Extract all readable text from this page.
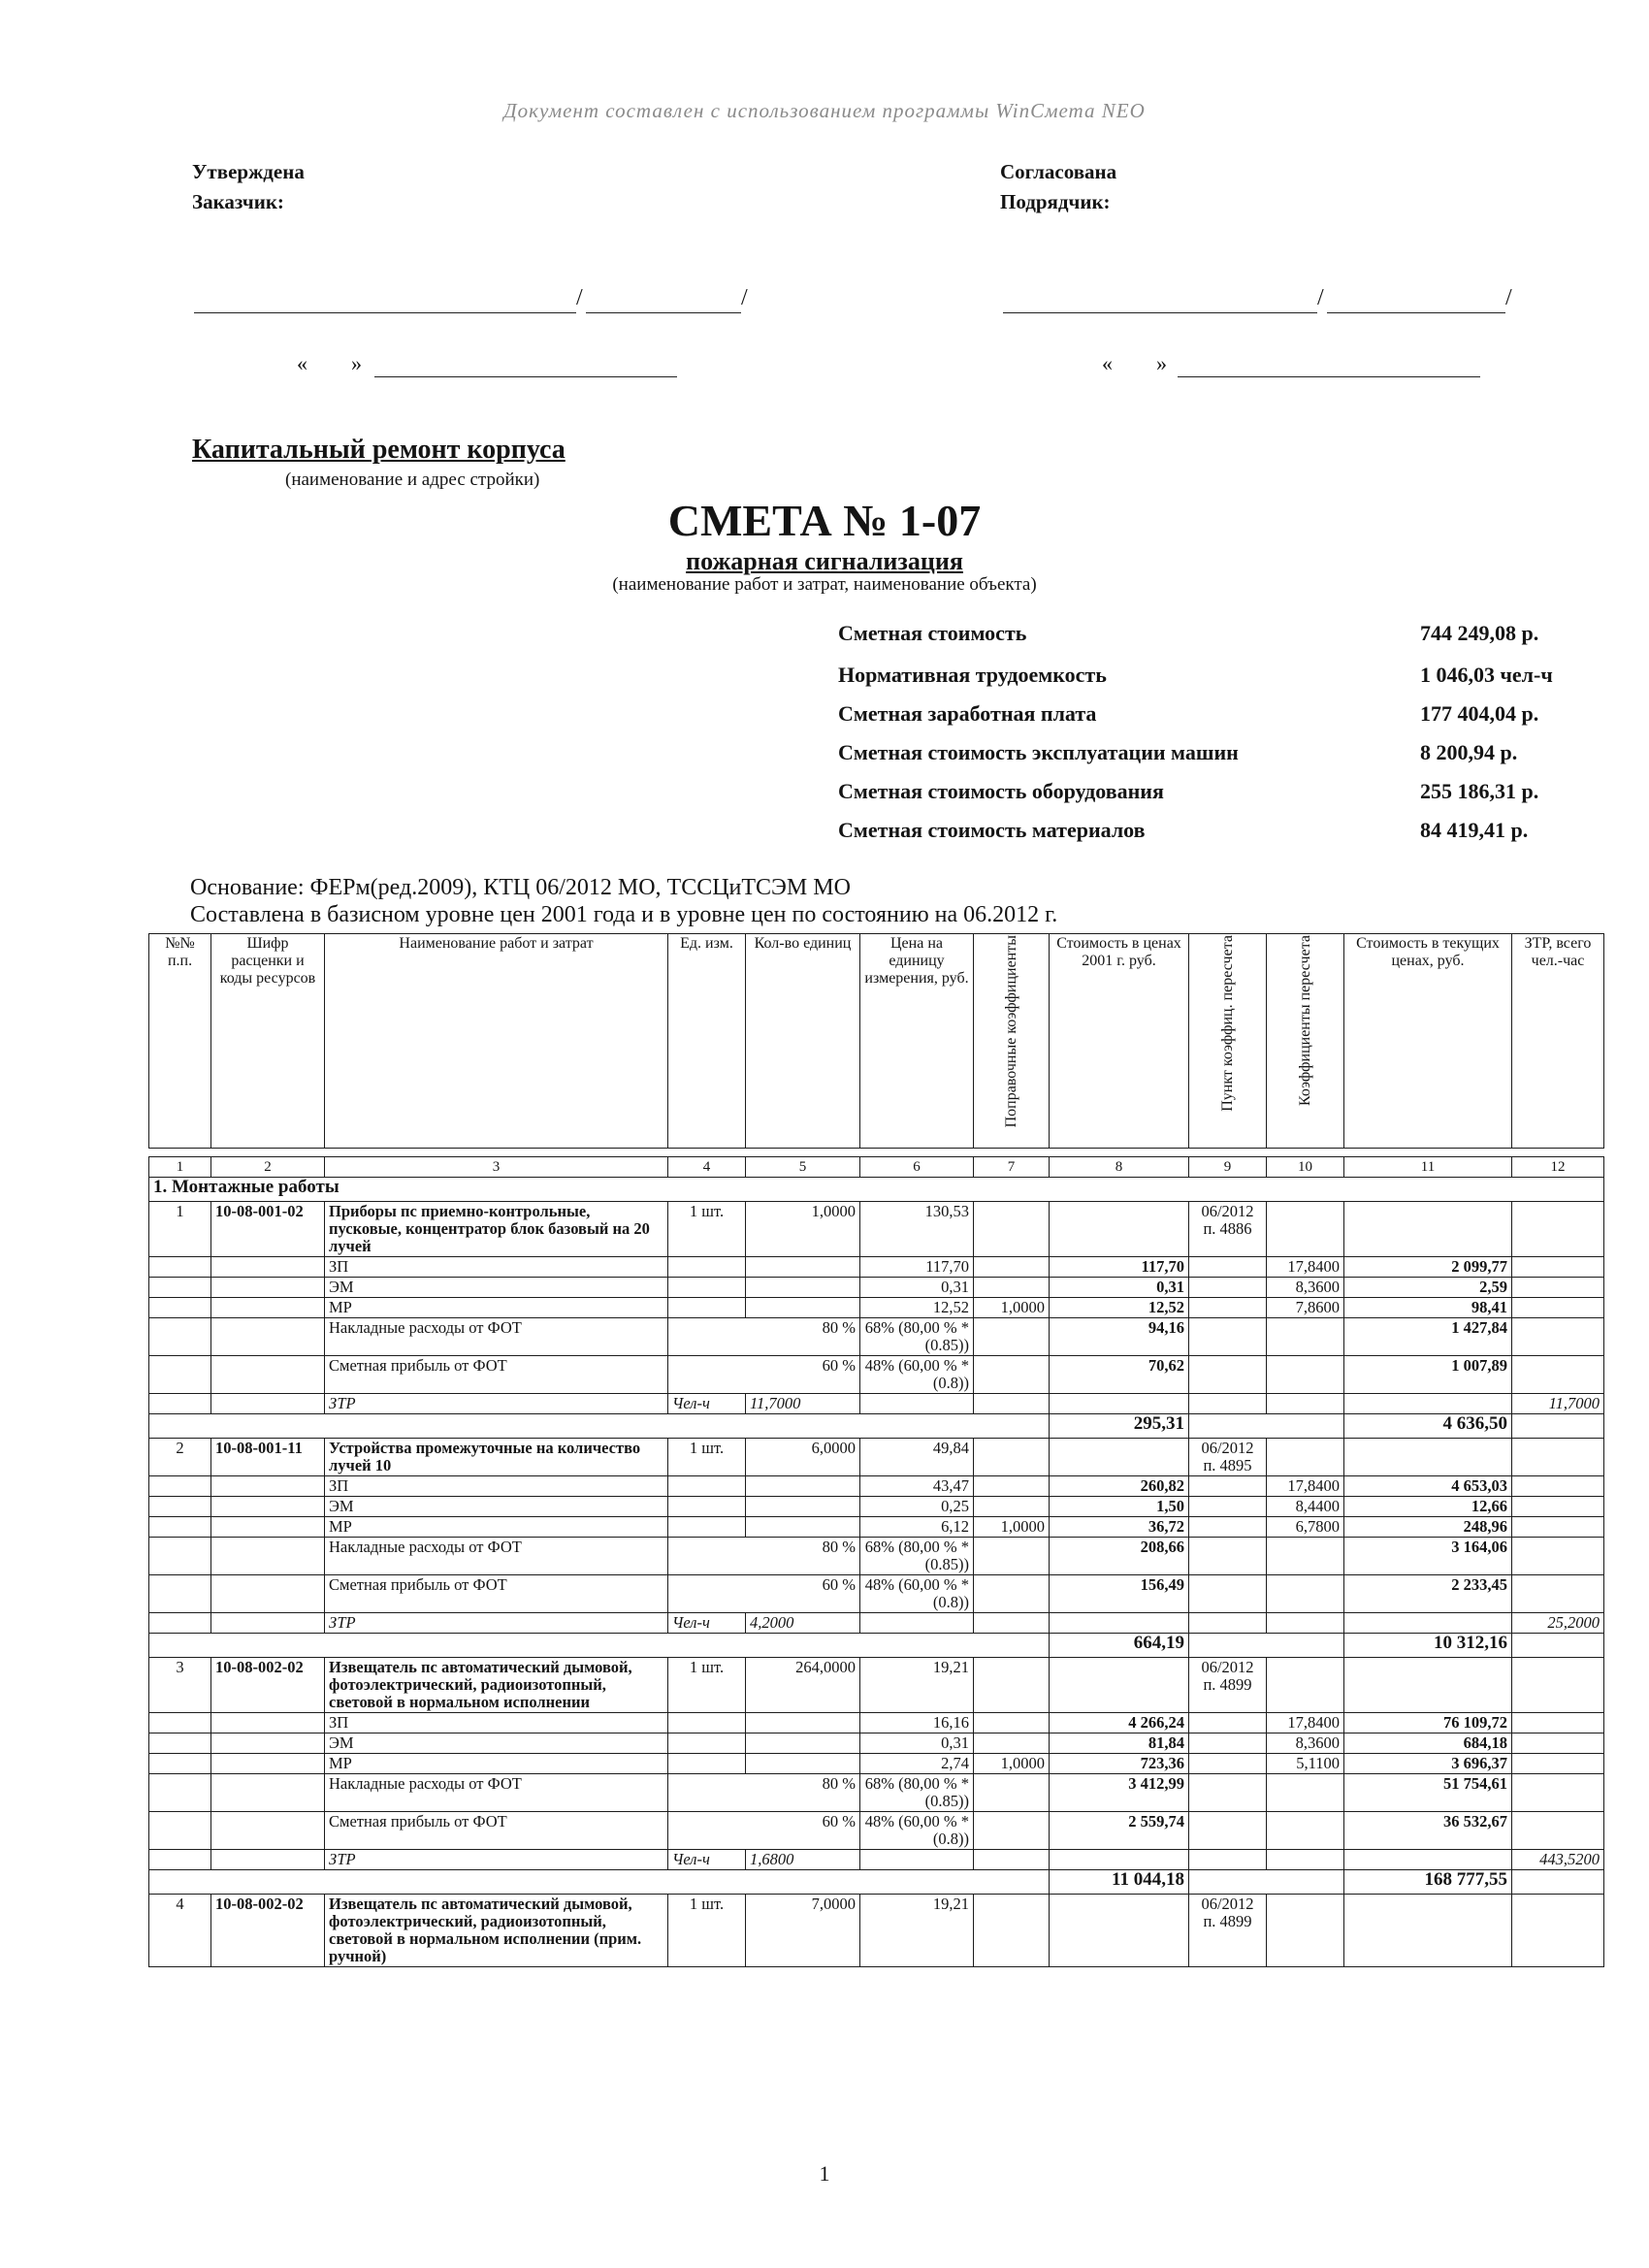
Документ составлен с использованием программы WinСмета NEO
Утверждена
Заказчик:
Согласована
Подрядчик:
/	/	/	/
« »	« »
Капитальный ремонт корпуса
(наименование и адрес стройки)
СМЕТА № 1-07
пожарная сигнализация
(наименование работ и затрат, наименование объекта)
Сметная стоимость	744 249,08 р.
Нормативная трудоемкость	1 046,03 чел-ч
Сметная заработная плата	177 404,04 р.
Сметная стоимость эксплуатации машин	8 200,94 р.
Сметная стоимость оборудования	255 186,31 р.
Сметная стоимость материалов	84 419,41 р.
Основание: ФЕРм(ред.2009), КТЦ 06/2012 МО, ТССЦиТСЭМ МО
Составлена в базисном уровне цен 2001 года и в уровне цен по состоянию на 06.2012 г.
№№ п.п.	Шифр расценки и коды ресурсов	Наименование работ и затрат	Ед. изм.	Кол-во единиц	Цена на единицу измерения, руб.	Поправочные коэффициенты	Стоимость в ценах 2001 г. руб.	Пункт коэффиц. пересчета	Коэффициенты пересчета	Стоимость в текущих ценах, руб.	ЗТР, всего чел.-час

1	2	3	4	5	6	7	8	9	10	11	12
1. Монтажные работы											
1	10-08-001-02	Приборы пс приемно-контрольные, пусковые, концентратор блок базовый на 20 лучей	1 шт.	1,0000	130,53			06/2012 п. 4886			
		ЗП			117,70		117,70		17,8400	2 099,77	
		ЭМ			0,31		0,31		8,3600	2,59	
		МР			12,52	1,0000	12,52		7,8600	98,41	
		Накладные расходы от ФОТ	80 %		68% (80,00 % * (0.85))		94,16			1 427,84	
		Сметная прибыль от ФОТ	60 %		48% (60,00 % * (0.8))		70,62			1 007,89	
		ЗТР	Чел-ч	11,7000							11,7000
							295,31			4 636,50	
2	10-08-001-11	Устройства промежуточные на количество лучей 10	1 шт.	6,0000	49,84			06/2012 п. 4895			
		ЗП			43,47		260,82		17,8400	4 653,03	
		ЭМ			0,25		1,50		8,4400	12,66	
		МР			6,12	1,0000	36,72		6,7800	248,96	
		Накладные расходы от ФОТ	80 %		68% (80,00 % * (0.85))		208,66			3 164,06	
		Сметная прибыль от ФОТ	60 %		48% (60,00 % * (0.8))		156,49			2 233,45	
		ЗТР	Чел-ч	4,2000							25,2000
							664,19			10 312,16	
3	10-08-002-02	Извещатель пс автоматический дымовой, фотоэлектрический, радиоизотопный, световой в нормальном исполнении	1 шт.	264,0000	19,21			06/2012 п. 4899			
		ЗП			16,16		4 266,24		17,8400	76 109,72	
		ЭМ			0,31		81,84		8,3600	684,18	
		МР			2,74	1,0000	723,36		5,1100	3 696,37	
		Накладные расходы от ФОТ	80 %		68% (80,00 % * (0.85))		3 412,99			51 754,61	
		Сметная прибыль от ФОТ	60 %		48% (60,00 % * (0.8))		2 559,74			36 532,67	
		ЗТР	Чел-ч	1,6800							443,5200
							11 044,18			168 777,55	
4	10-08-002-02	Извещатель пс автоматический дымовой, фотоэлектрический, радиоизотопный, световой в нормальном исполнении (прим. ручной)	1 шт.	7,0000	19,21			06/2012 п. 4899			
1
